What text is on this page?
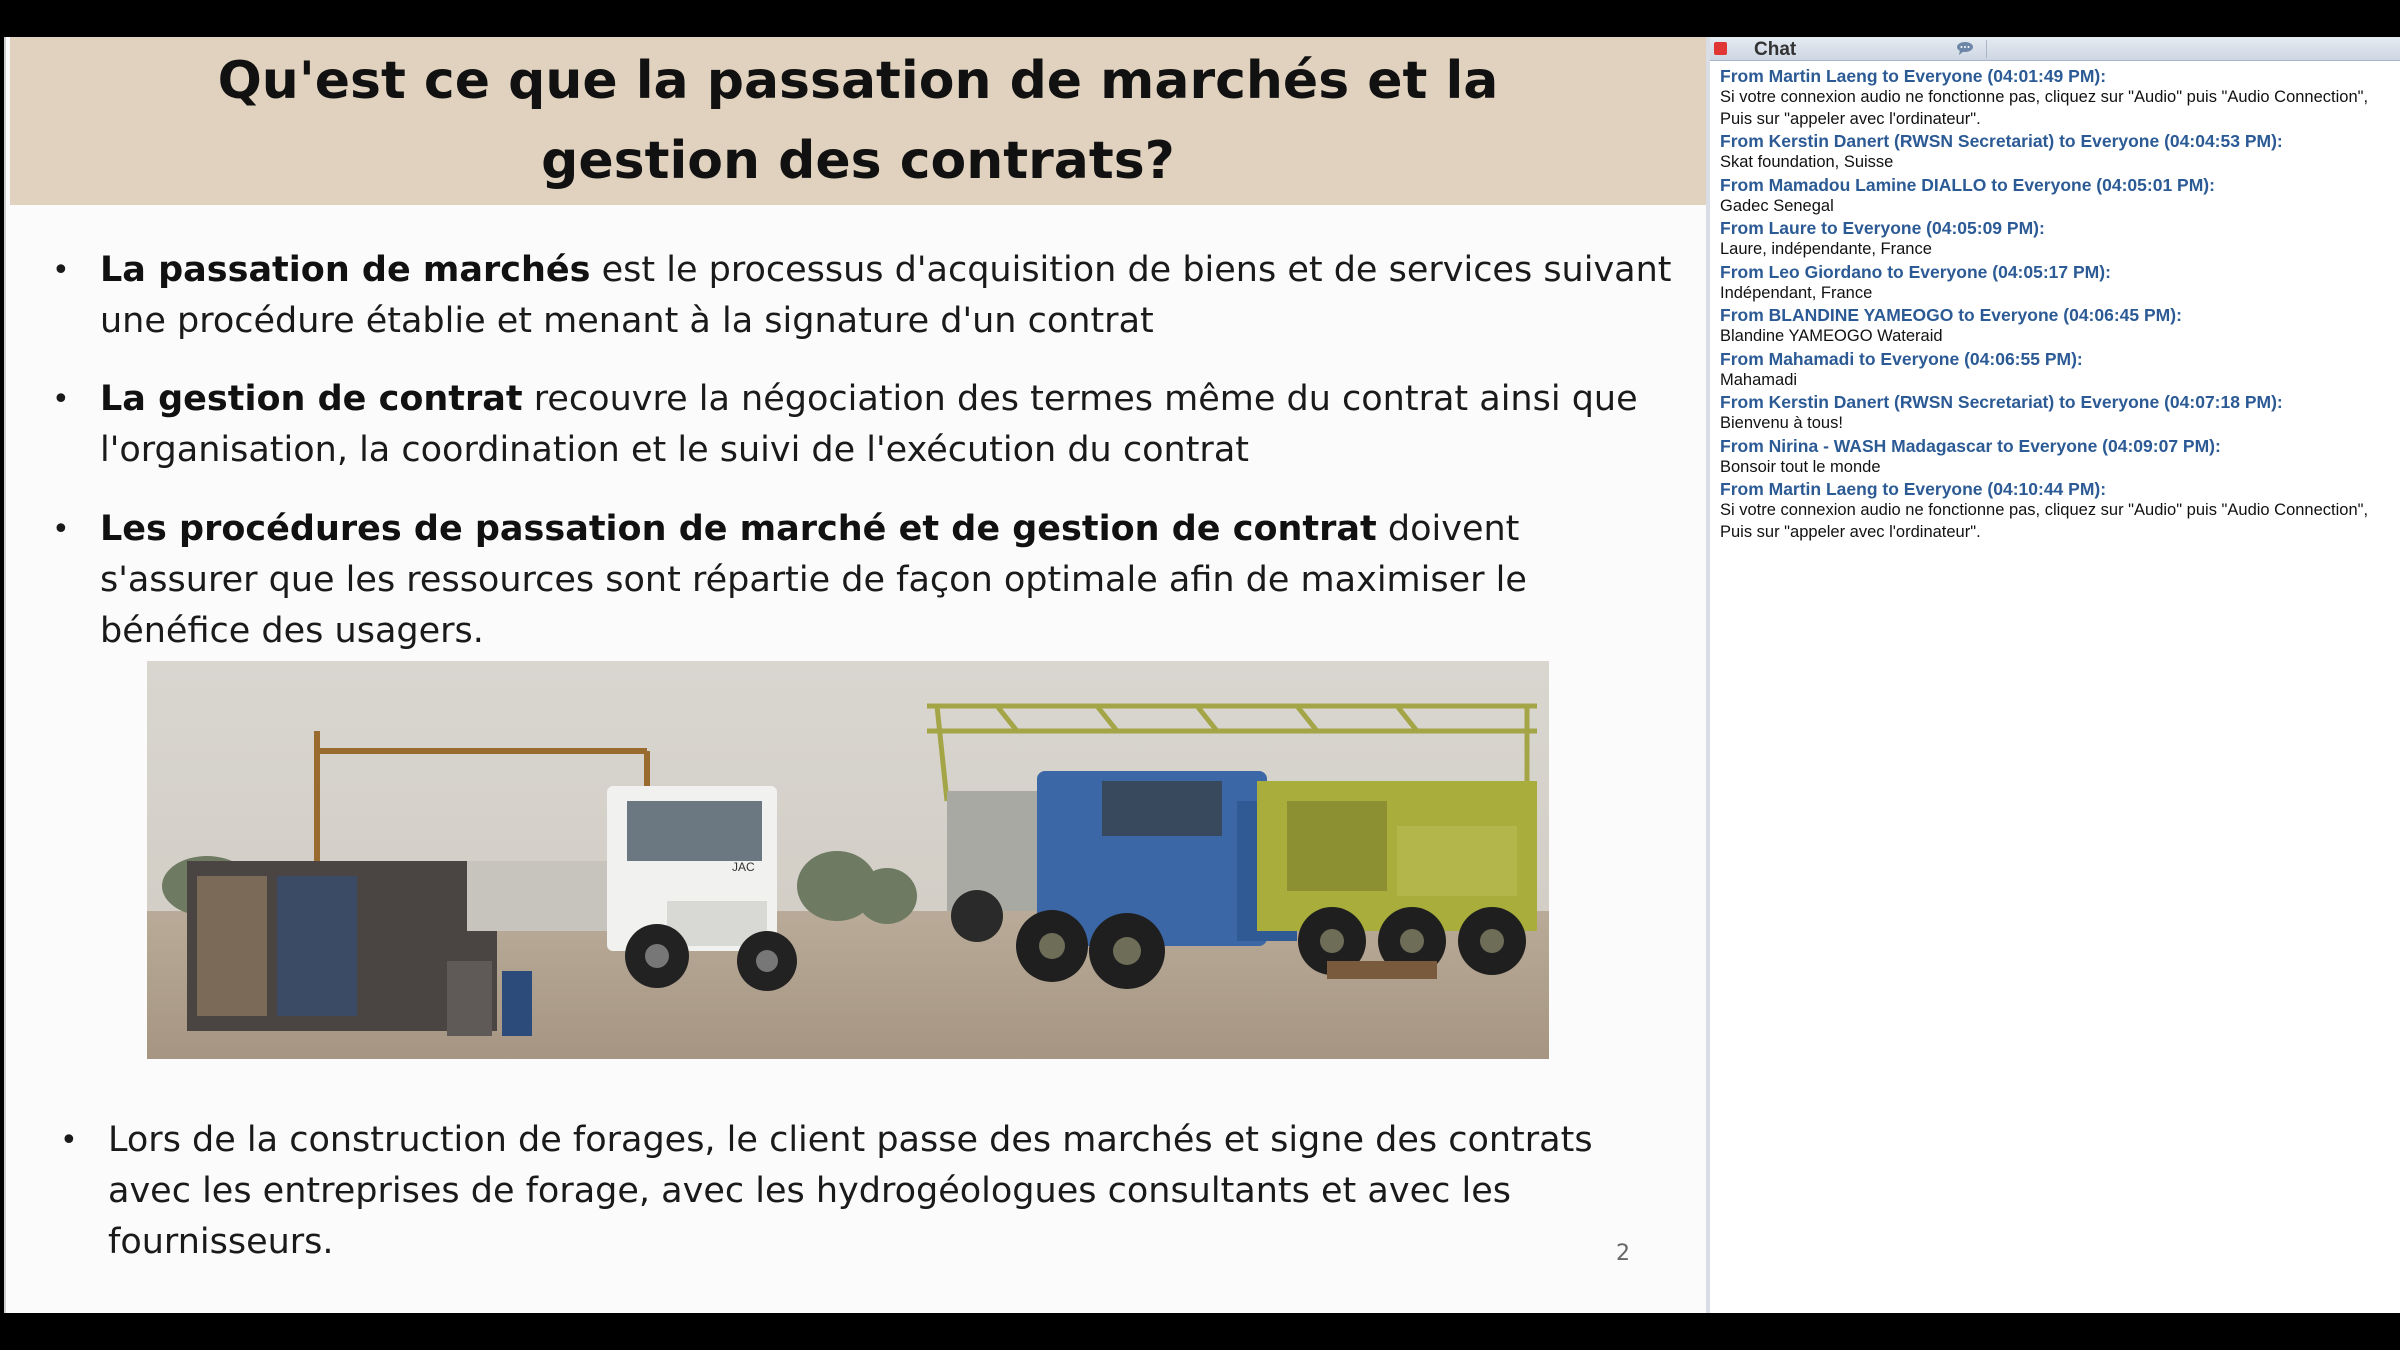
Qu'est ce que la passation de marchés et la
gestion des contrats?
• La passation de marchés est le processus d'acquisition de biens et de services suivant une procédure établie et menant à la signature d'un contrat
• La gestion de contrat recouvre la négociation des termes même du contrat ainsi que l'organisation, la coordination et le suivi de l'exécution du contrat
• Les procédures de passation de marché et de gestion de contrat doivent s'assurer que les ressources sont répartie de façon optimale afin de maximiser le bénéfice des usagers.
JAC
• Lors de la construction de forages, le client passe des marchés et signe des contrats avec les entreprises de forage, avec les hydrogéologues consultants et avec les fournisseurs.	2
Chat
From Martin Laeng to Everyone (04:01:49 PM):
Si votre connexion audio ne fonctionne pas, cliquez sur "Audio" puis "Audio Connection", Puis sur "appeler avec l'ordinateur".
From Kerstin Danert (RWSN Secretariat) to Everyone (04:04:53 PM):
Skat foundation, Suisse
From Mamadou Lamine DIALLO to Everyone (04:05:01 PM):
Gadec Senegal
From Laure to Everyone (04:05:09 PM):
Laure, indépendante, France
From Leo Giordano to Everyone (04:05:17 PM):
Indépendant, France
From BLANDINE YAMEOGO to Everyone (04:06:45 PM):
Blandine YAMEOGO Wateraid
From Mahamadi to Everyone (04:06:55 PM):
Mahamadi
From Kerstin Danert (RWSN Secretariat) to Everyone (04:07:18 PM):
Bienvenu à tous!
From Nirina - WASH Madagascar to Everyone (04:09:07 PM):
Bonsoir tout le monde
From Martin Laeng to Everyone (04:10:44 PM):
Si votre connexion audio ne fonctionne pas, cliquez sur "Audio" puis "Audio Connection", Puis sur "appeler avec l'ordinateur".
